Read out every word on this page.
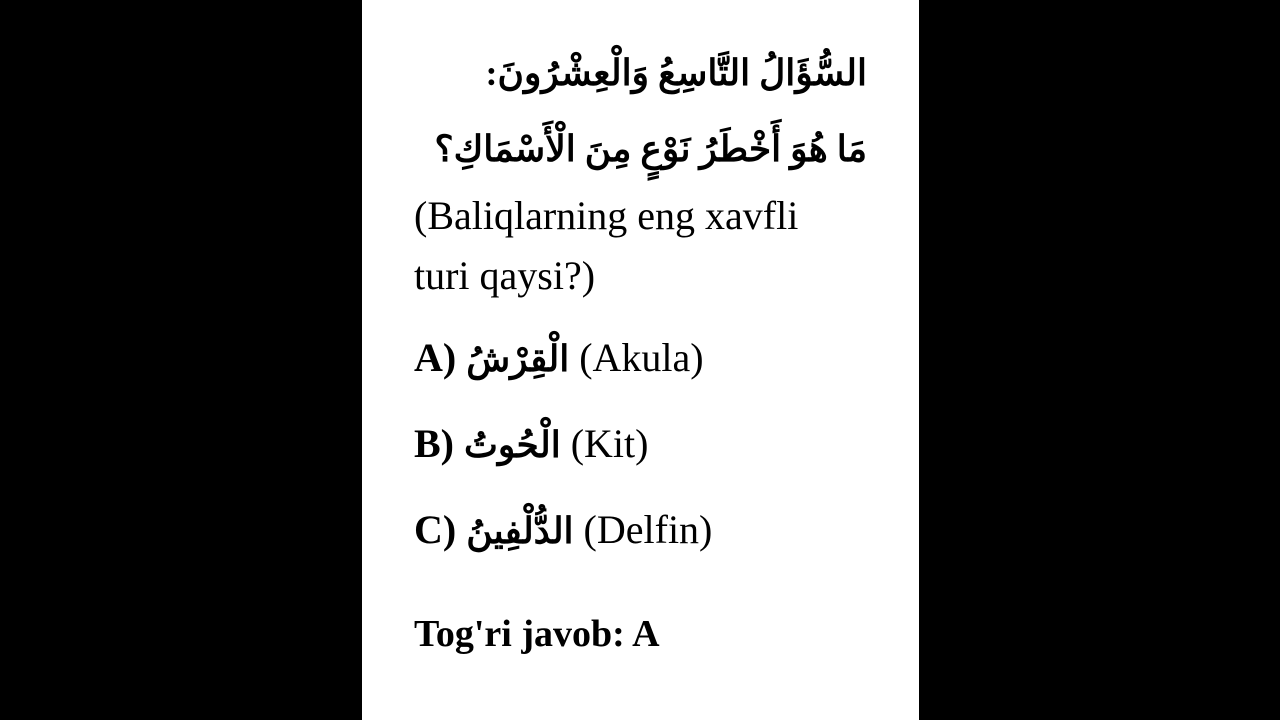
السُّؤَالُ التَّاسِعُ وَالْعِشْرُونَ:
مَا هُوَ أَخْطَرُ نَوْعٍ مِنَ الْأَسْمَاكِ؟
(Baliqlarning eng xavfli
turi qaysi?)
A) الْقِرْشُ (Akula)
B) الْحُوتُ (Kit)
C) الدُّلْفِينُ (Delfin)
Tog'ri javob: A
